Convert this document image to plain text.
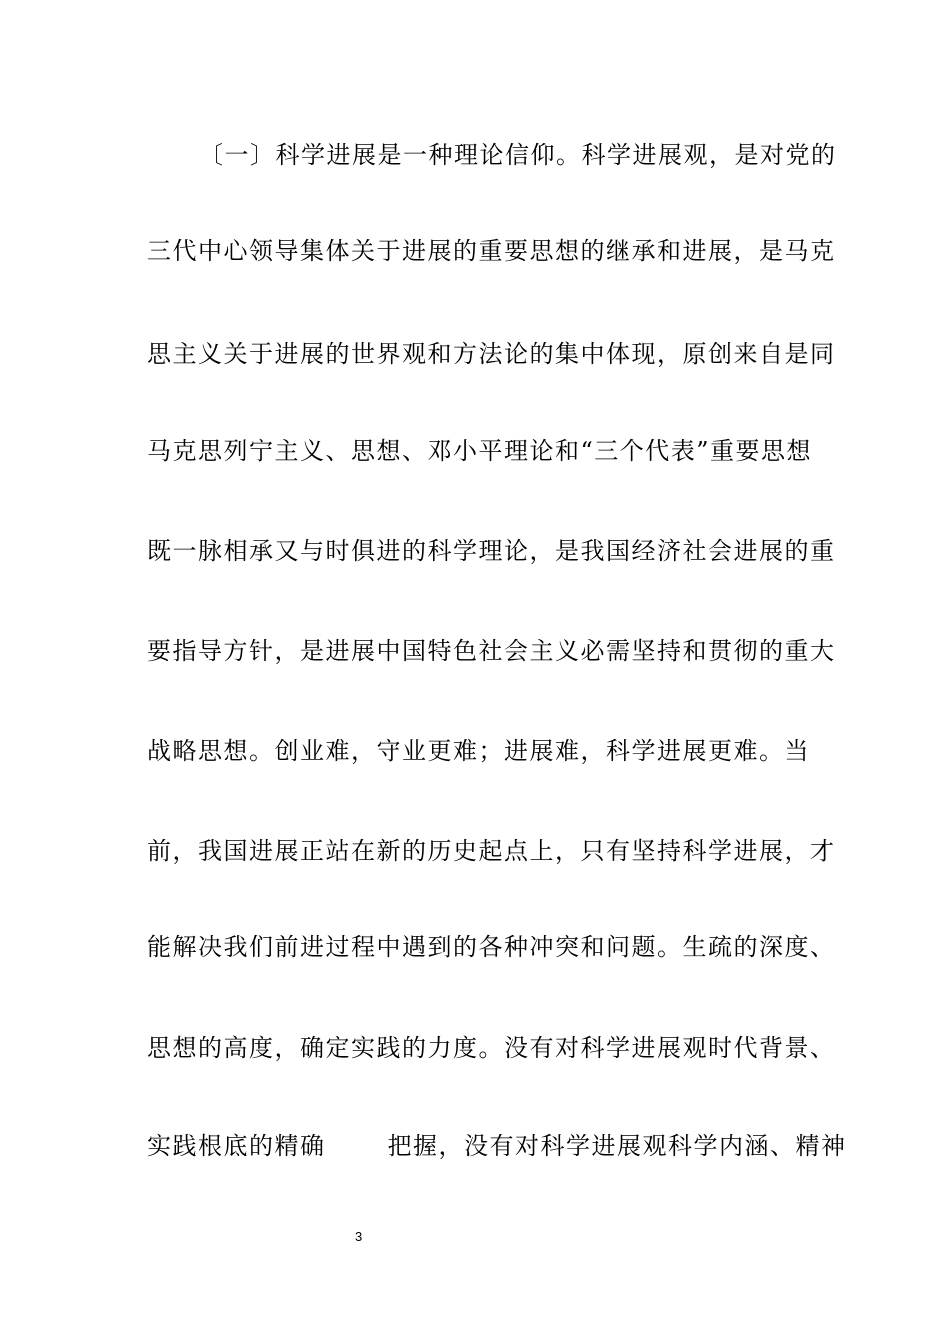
〔一〕科学进展是一种理论信仰。科学进展观，是对党的
三代中心领导集体关于进展的重要思想的继承和进展，是马克
思主义关于进展的世界观和方法论的集中体现，原创来自是同
马克思列宁主义、思想、邓小平理论和“三个代表”重要思想
既一脉相承又与时俱进的科学理论，是我国经济社会进展的重
要指导方针，是进展中国特色社会主义必需坚持和贯彻的重大
战略思想。创业难，守业更难；进展难，科学进展更难。当
前，我国进展正站在新的历史起点上，只有坚持科学进展，才
能解决我们前进过程中遇到的各种冲突和问题。生疏的深度、
思想的高度，确定实践的力度。没有对科学进展观时代背景、
实践根底的精确	把握，没有对科学进展观科学内涵、精神
3
